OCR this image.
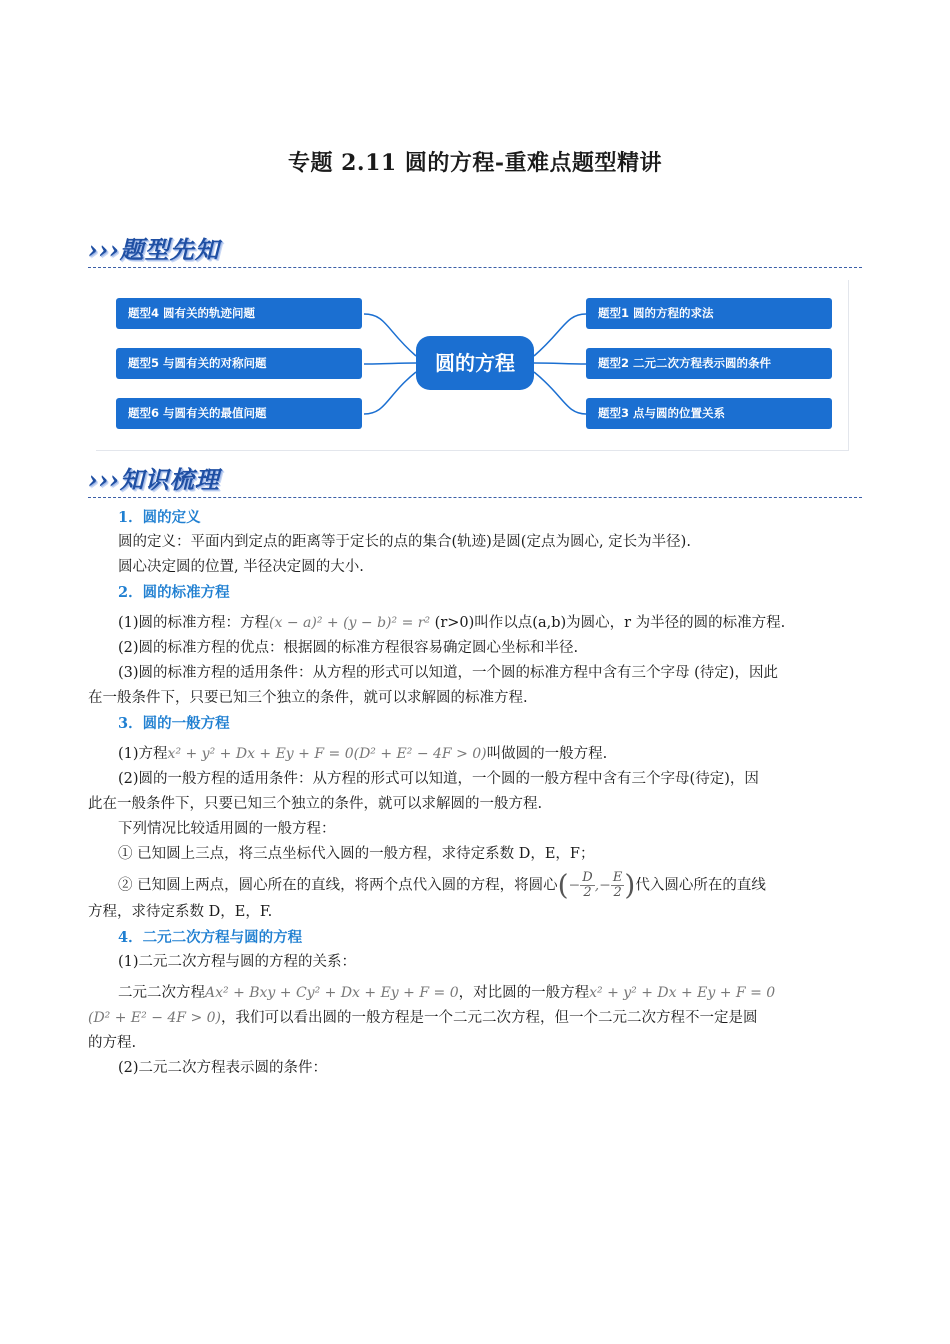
专题 2.11 圆的方程-重难点题型精讲
›››题型先知
圆的方程
题型4 圆有关的轨迹问题
题型5 与圆有关的对称问题
题型6 与圆有关的最值问题
题型1 圆的方程的求法
题型2 二元二次方程表示圆的条件
题型3 点与圆的位置关系
›››知识梳理
1．圆的定义
圆的定义：平面内到定点的距离等于定长的点的集合(轨迹)是圆(定点为圆心, 定长为半径).
圆心决定圆的位置, 半径决定圆的大小.
2．圆的标准方程
(1)圆的标准方程：方程(x − a)² + (y − b)² = r² (r>0)叫作以点(a,b)为圆心，r 为半径的圆的标准方程.
(2)圆的标准方程的优点：根据圆的标准方程很容易确定圆心坐标和半径.
(3)圆的标准方程的适用条件：从方程的形式可以知道，一个圆的标准方程中含有三个字母 (待定)，因此
在一般条件下，只要已知三个独立的条件，就可以求解圆的标准方程.
3．圆的一般方程
(1)方程x² + y² + Dx + Ey + F = 0(D² + E² − 4F > 0)叫做圆的一般方程.
(2)圆的一般方程的适用条件：从方程的形式可以知道，一个圆的一般方程中含有三个字母(待定)，因
此在一般条件下，只要已知三个独立的条件，就可以求解圆的一般方程.
下列情况比较适用圆的一般方程：
① 已知圆上三点，将三点坐标代入圆的一般方程，求待定系数 D，E，F；
② 已知圆上两点，圆心所在的直线，将两个点代入圆的方程，将圆心(− $\frac{D}{2}$ ,− $\frac{E}{2}$ )代入圆心所在的直线
方程，求待定系数 D，E，F.
4．二元二次方程与圆的方程
(1)二元二次方程与圆的方程的关系：
二元二次方程Ax² + Bxy + Cy² + Dx + Ey + F = 0，对比圆的一般方程x² + y² + Dx + Ey + F = 0
(D² + E² − 4F > 0)，我们可以看出圆的一般方程是一个二元二次方程，但一个二元二次方程不一定是圆
的方程.
(2)二元二次方程表示圆的条件：
